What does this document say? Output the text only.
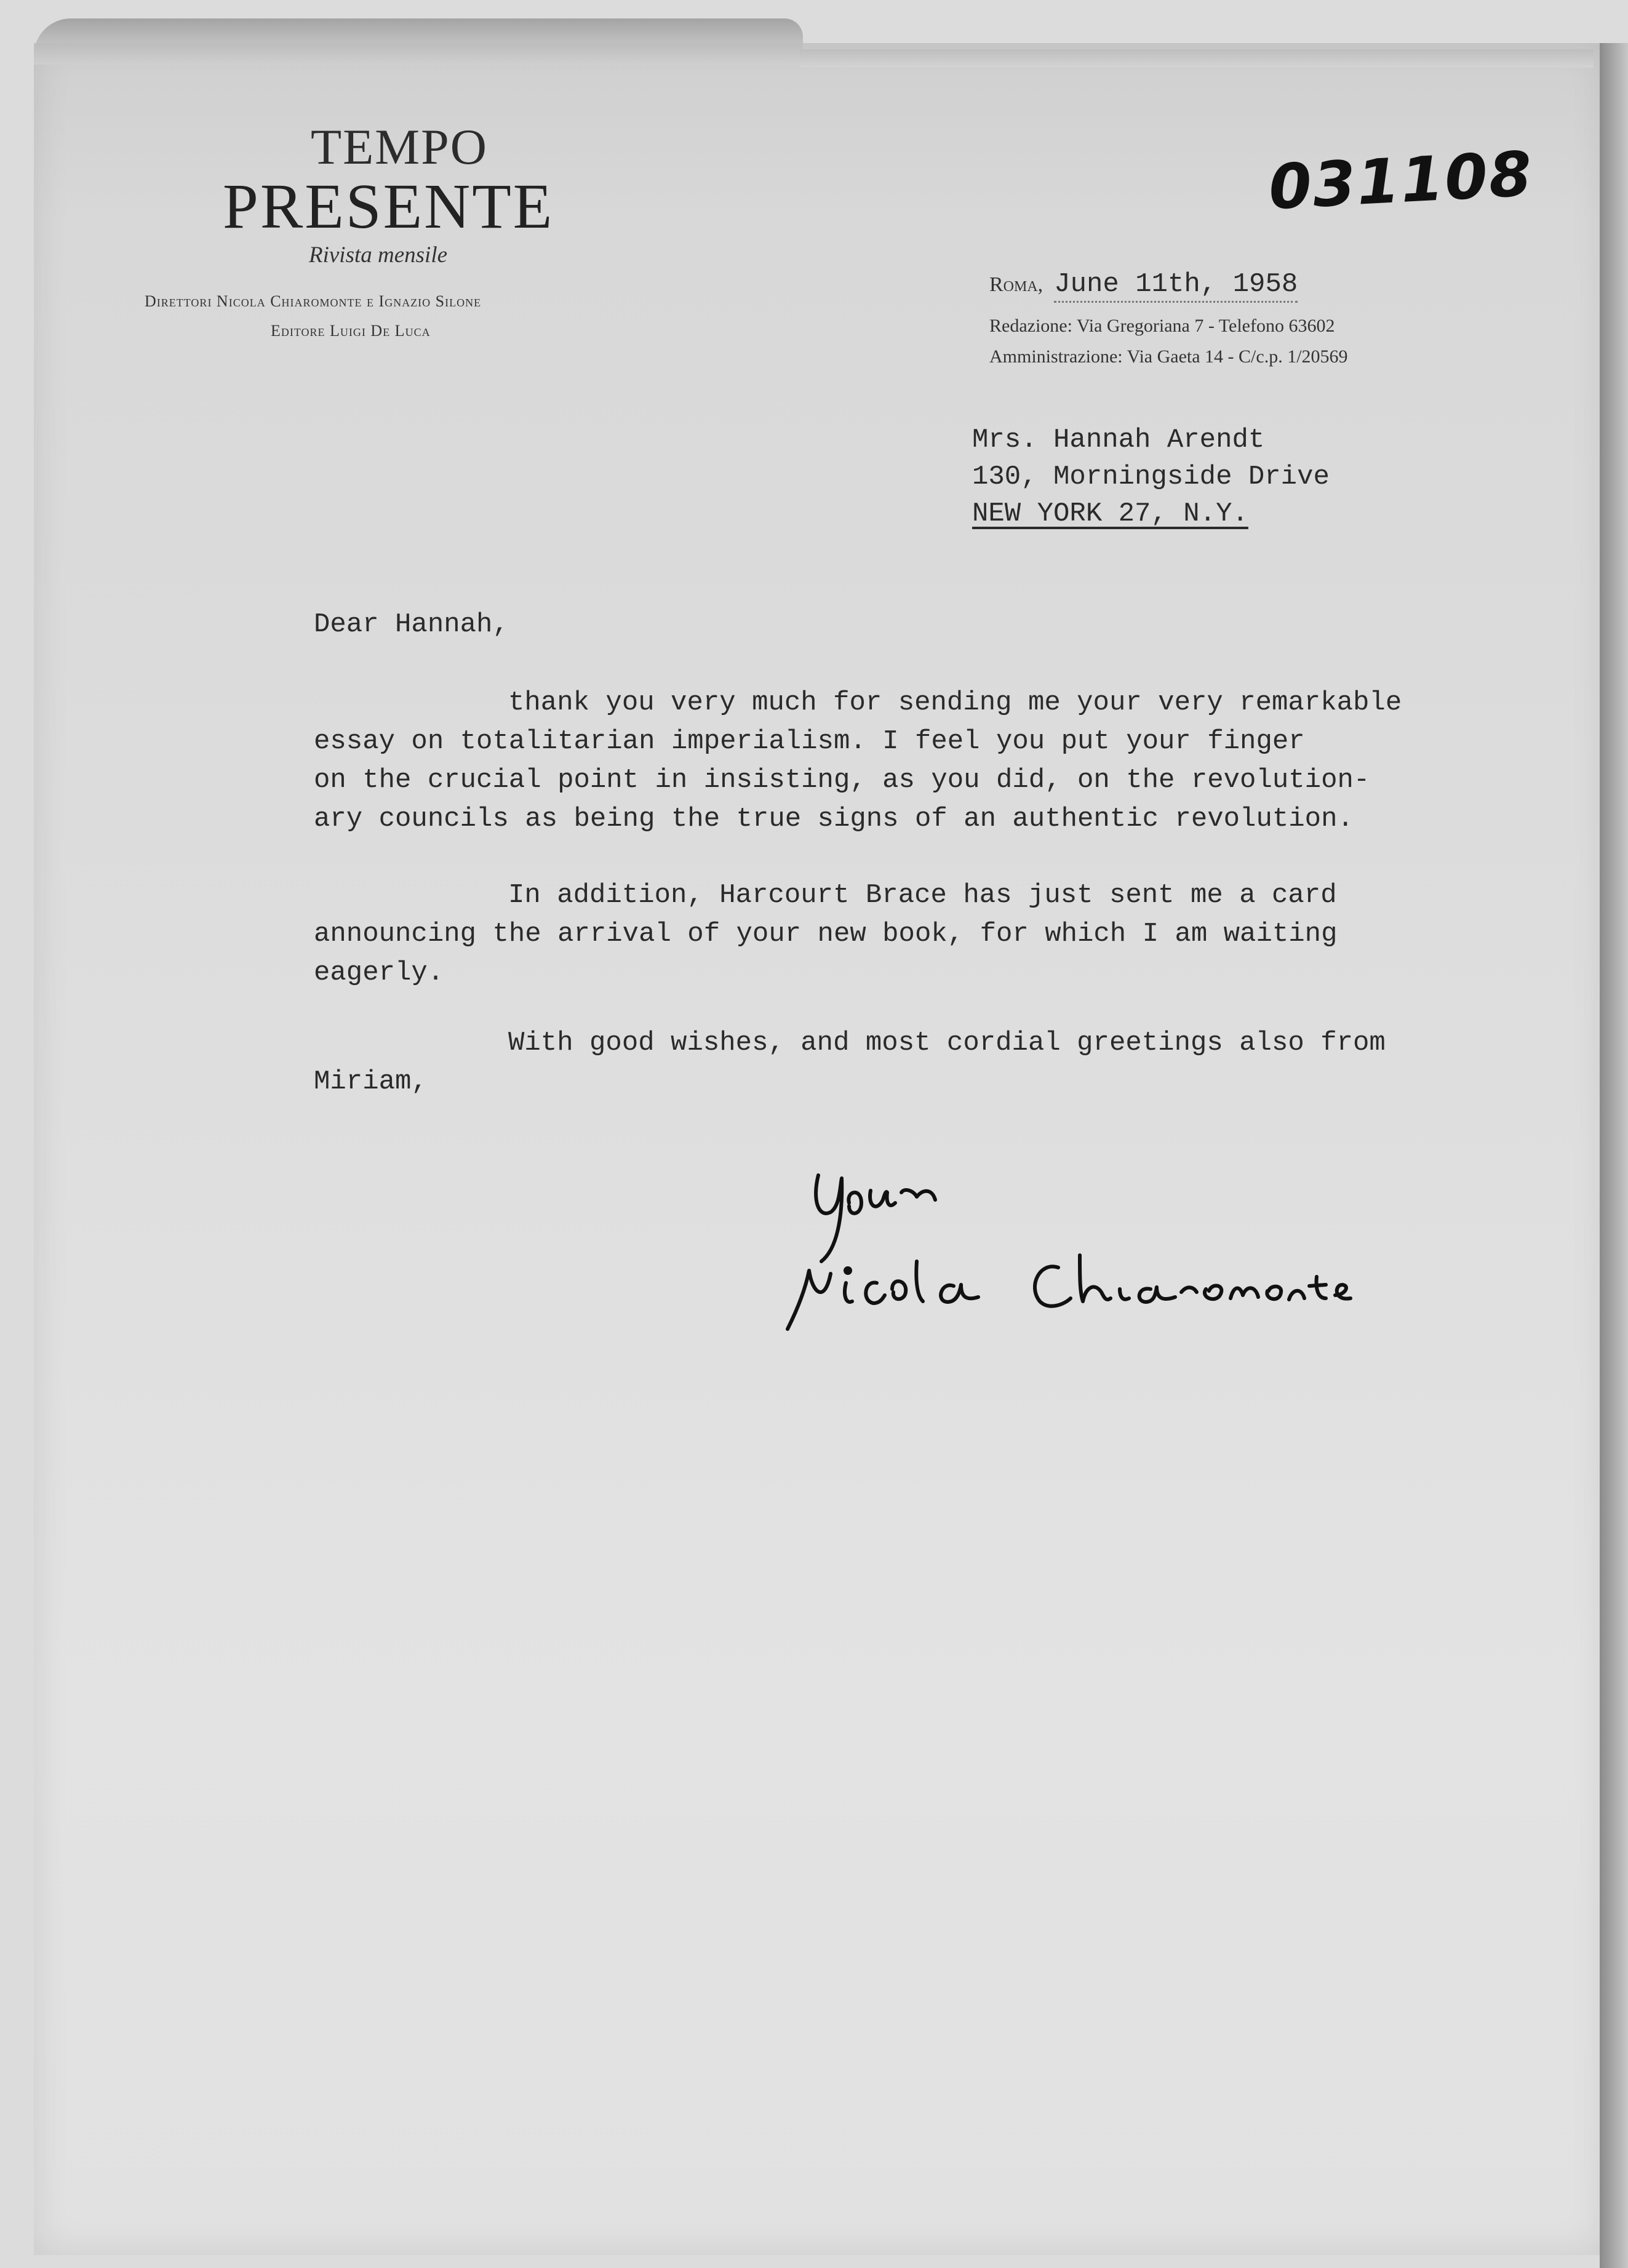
TEMPO
PRESENTE
Rivista mensile
Direttori Nicola Chiaromonte e Ignazio Silone
Editore Luigi De Luca
031108
Roma, June 11th, 1958
Redazione: Via Gregoriana 7 - Telefono 63602
Amministrazione: Via Gaeta 14 - C/c.p. 1/20569
Mrs. Hannah Arendt
130, Morningside Drive
NEW YORK 27, N.Y.
Dear Hannah,
thank you very much for sending me your very remarkable
essay on totalitarian imperialism. I feel you put your finger
on the crucial point in insisting, as you did, on the revolution-
ary councils as being the true signs of an authentic revolution.
In addition, Harcourt Brace has just sent me a card
announcing the arrival of your new book, for which I am waiting
eagerly.
With good wishes, and most cordial greetings also from
Miriam,
